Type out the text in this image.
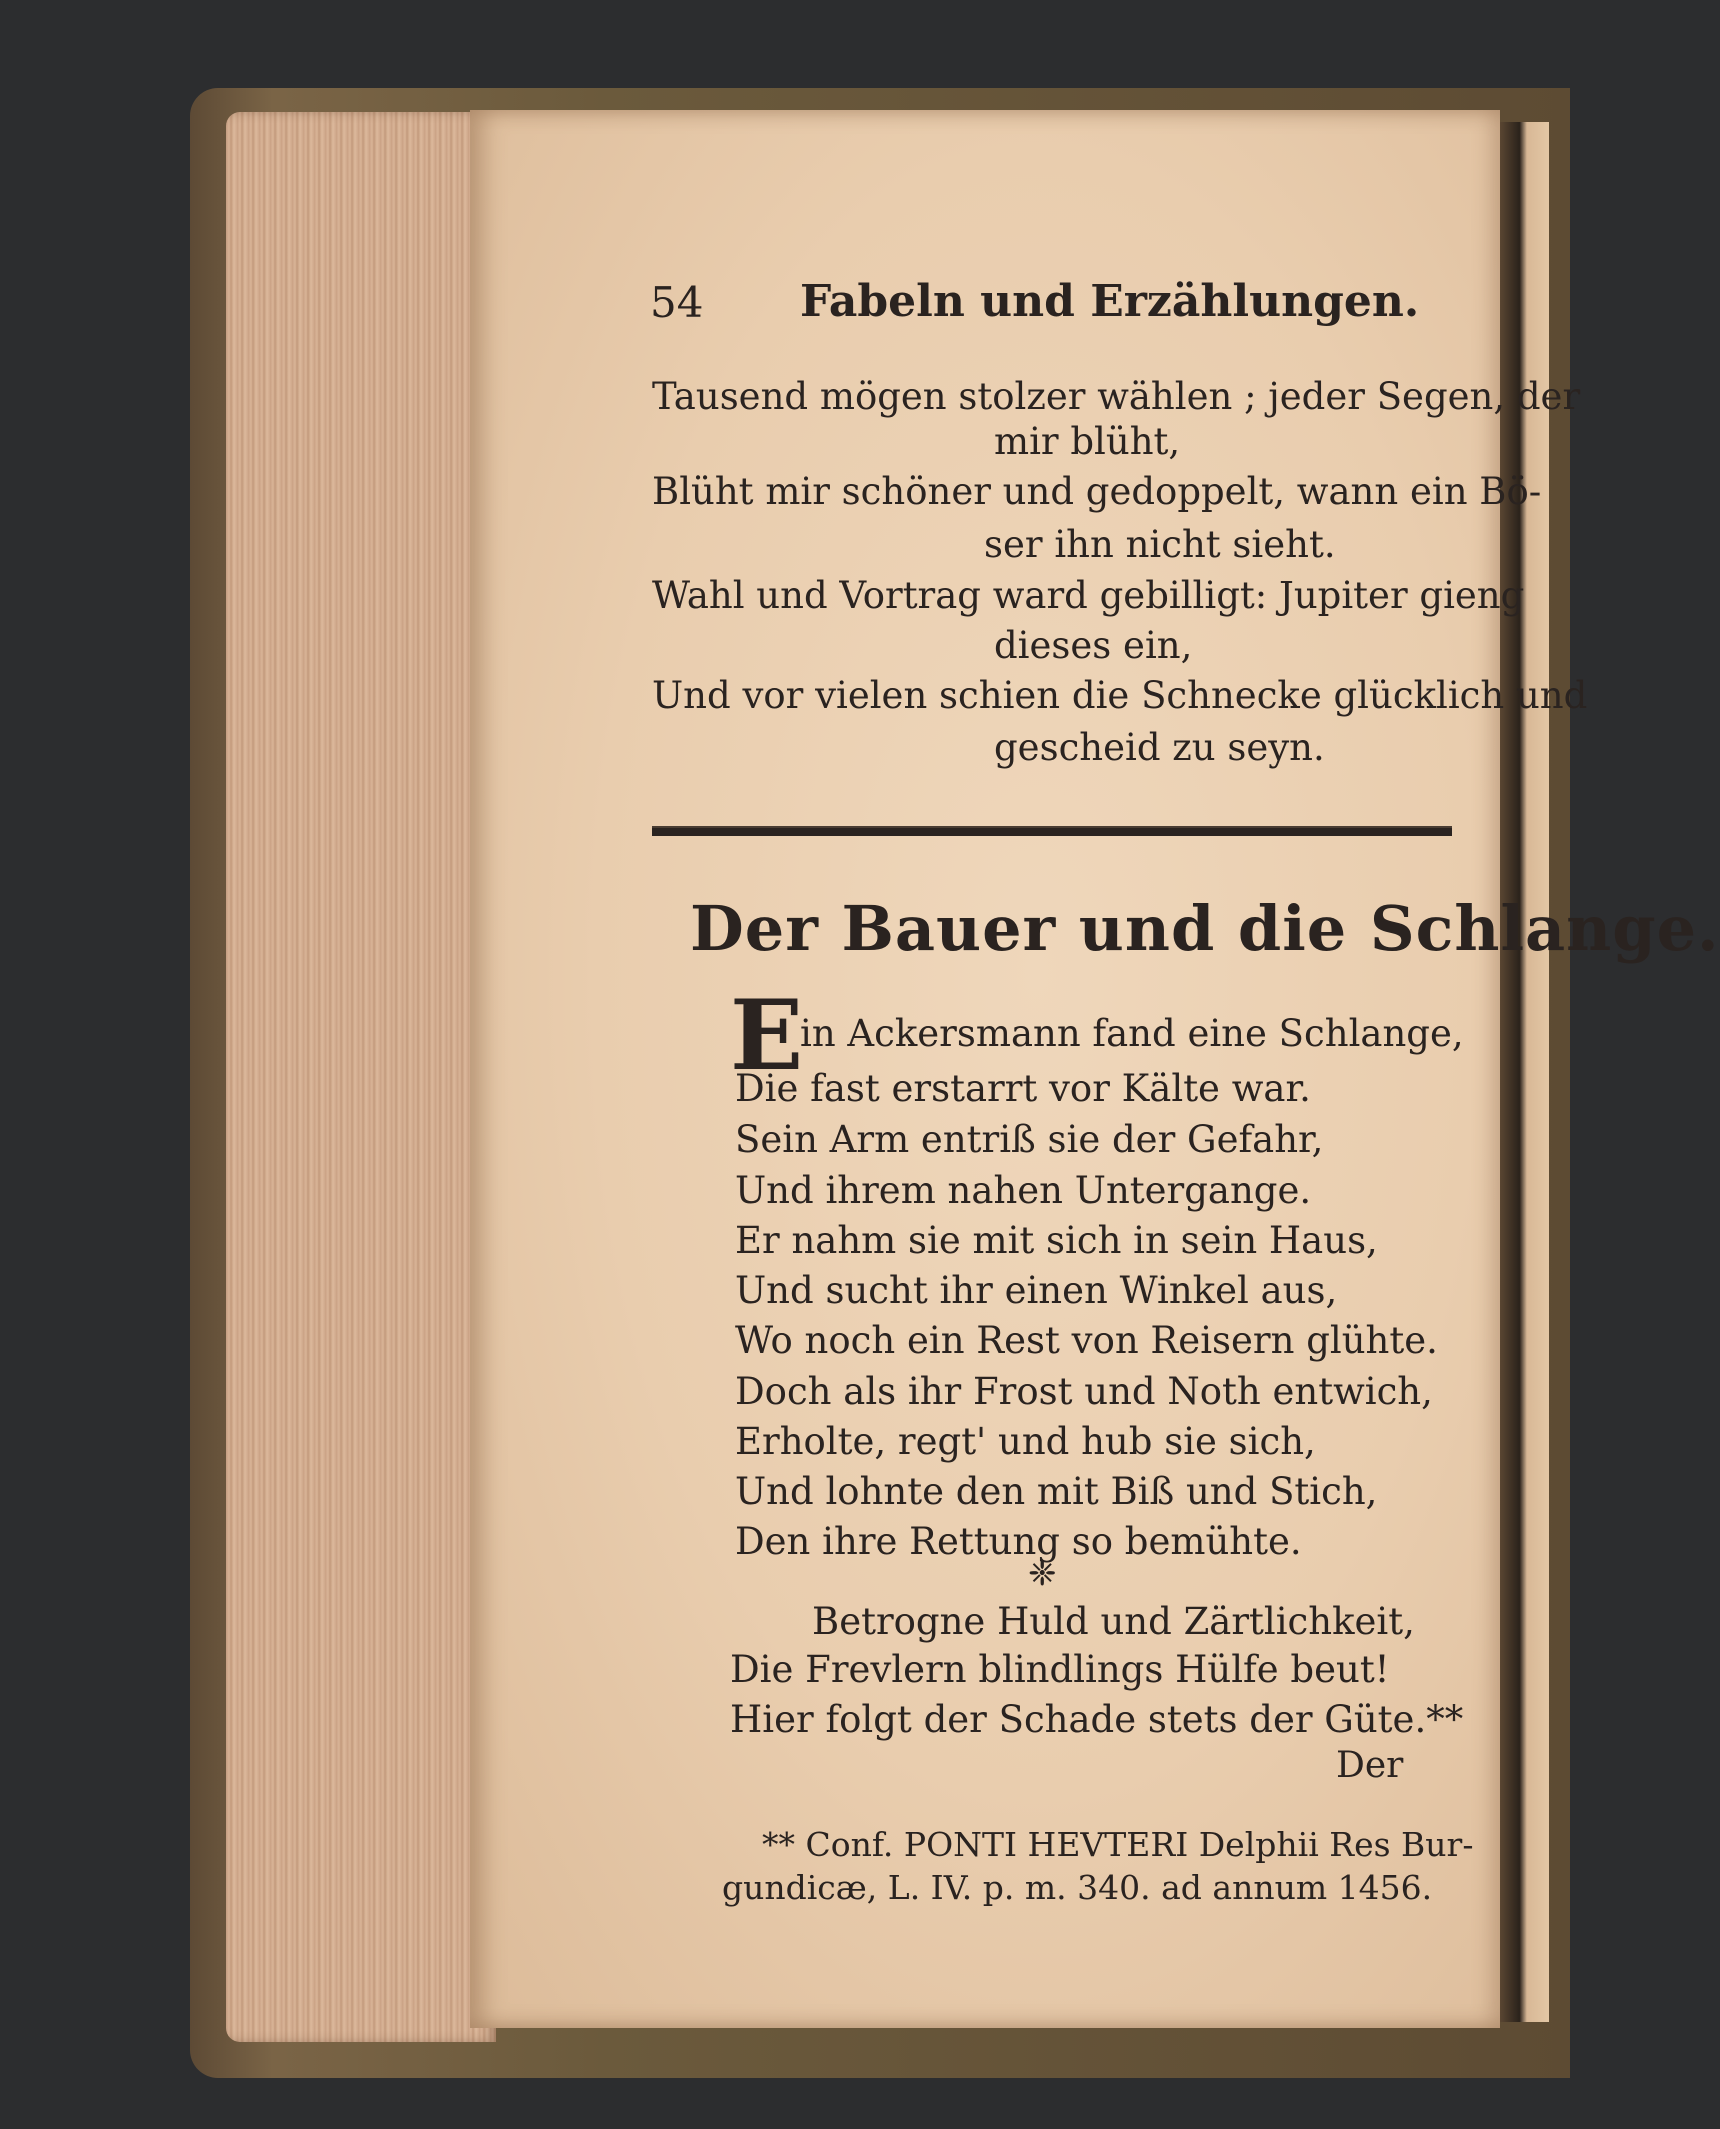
54 Fabeln und Erzählungen.
Tausend mögen stolzer wählen ; jeder Segen, der
mir blüht,
Blüht mir schöner und gedoppelt, wann ein Bö-
ser ihn nicht sieht.
Wahl und Vortrag ward gebilligt: Jupiter gieng
dieses ein,
Und vor vielen schien die Schnecke glücklich und
gescheid zu seyn.
Der Bauer und die Schlange.
E
in Ackersmann fand eine Schlange,
Die fast erstarrt vor Kälte war.
Sein Arm entriß sie der Gefahr,
Und ihrem nahen Untergange.
Er nahm sie mit sich in sein Haus,
Und sucht ihr einen Winkel aus,
Wo noch ein Rest von Reisern glühte.
Doch als ihr Frost und Noth entwich,
Erholte, regt' und hub sie sich,
Und lohnte den mit Biß und Stich,
Den ihre Rettung so bemühte.
❈
Betrogne Huld und Zärtlichkeit,
Die Frevlern blindlings Hülfe beut!
Hier folgt der Schade stets der Güte.**
Der
** Conf. PONTI HEVTERI Delphii Res Bur-
gundicæ, L. IV. p. m. 340. ad annum 1456.
